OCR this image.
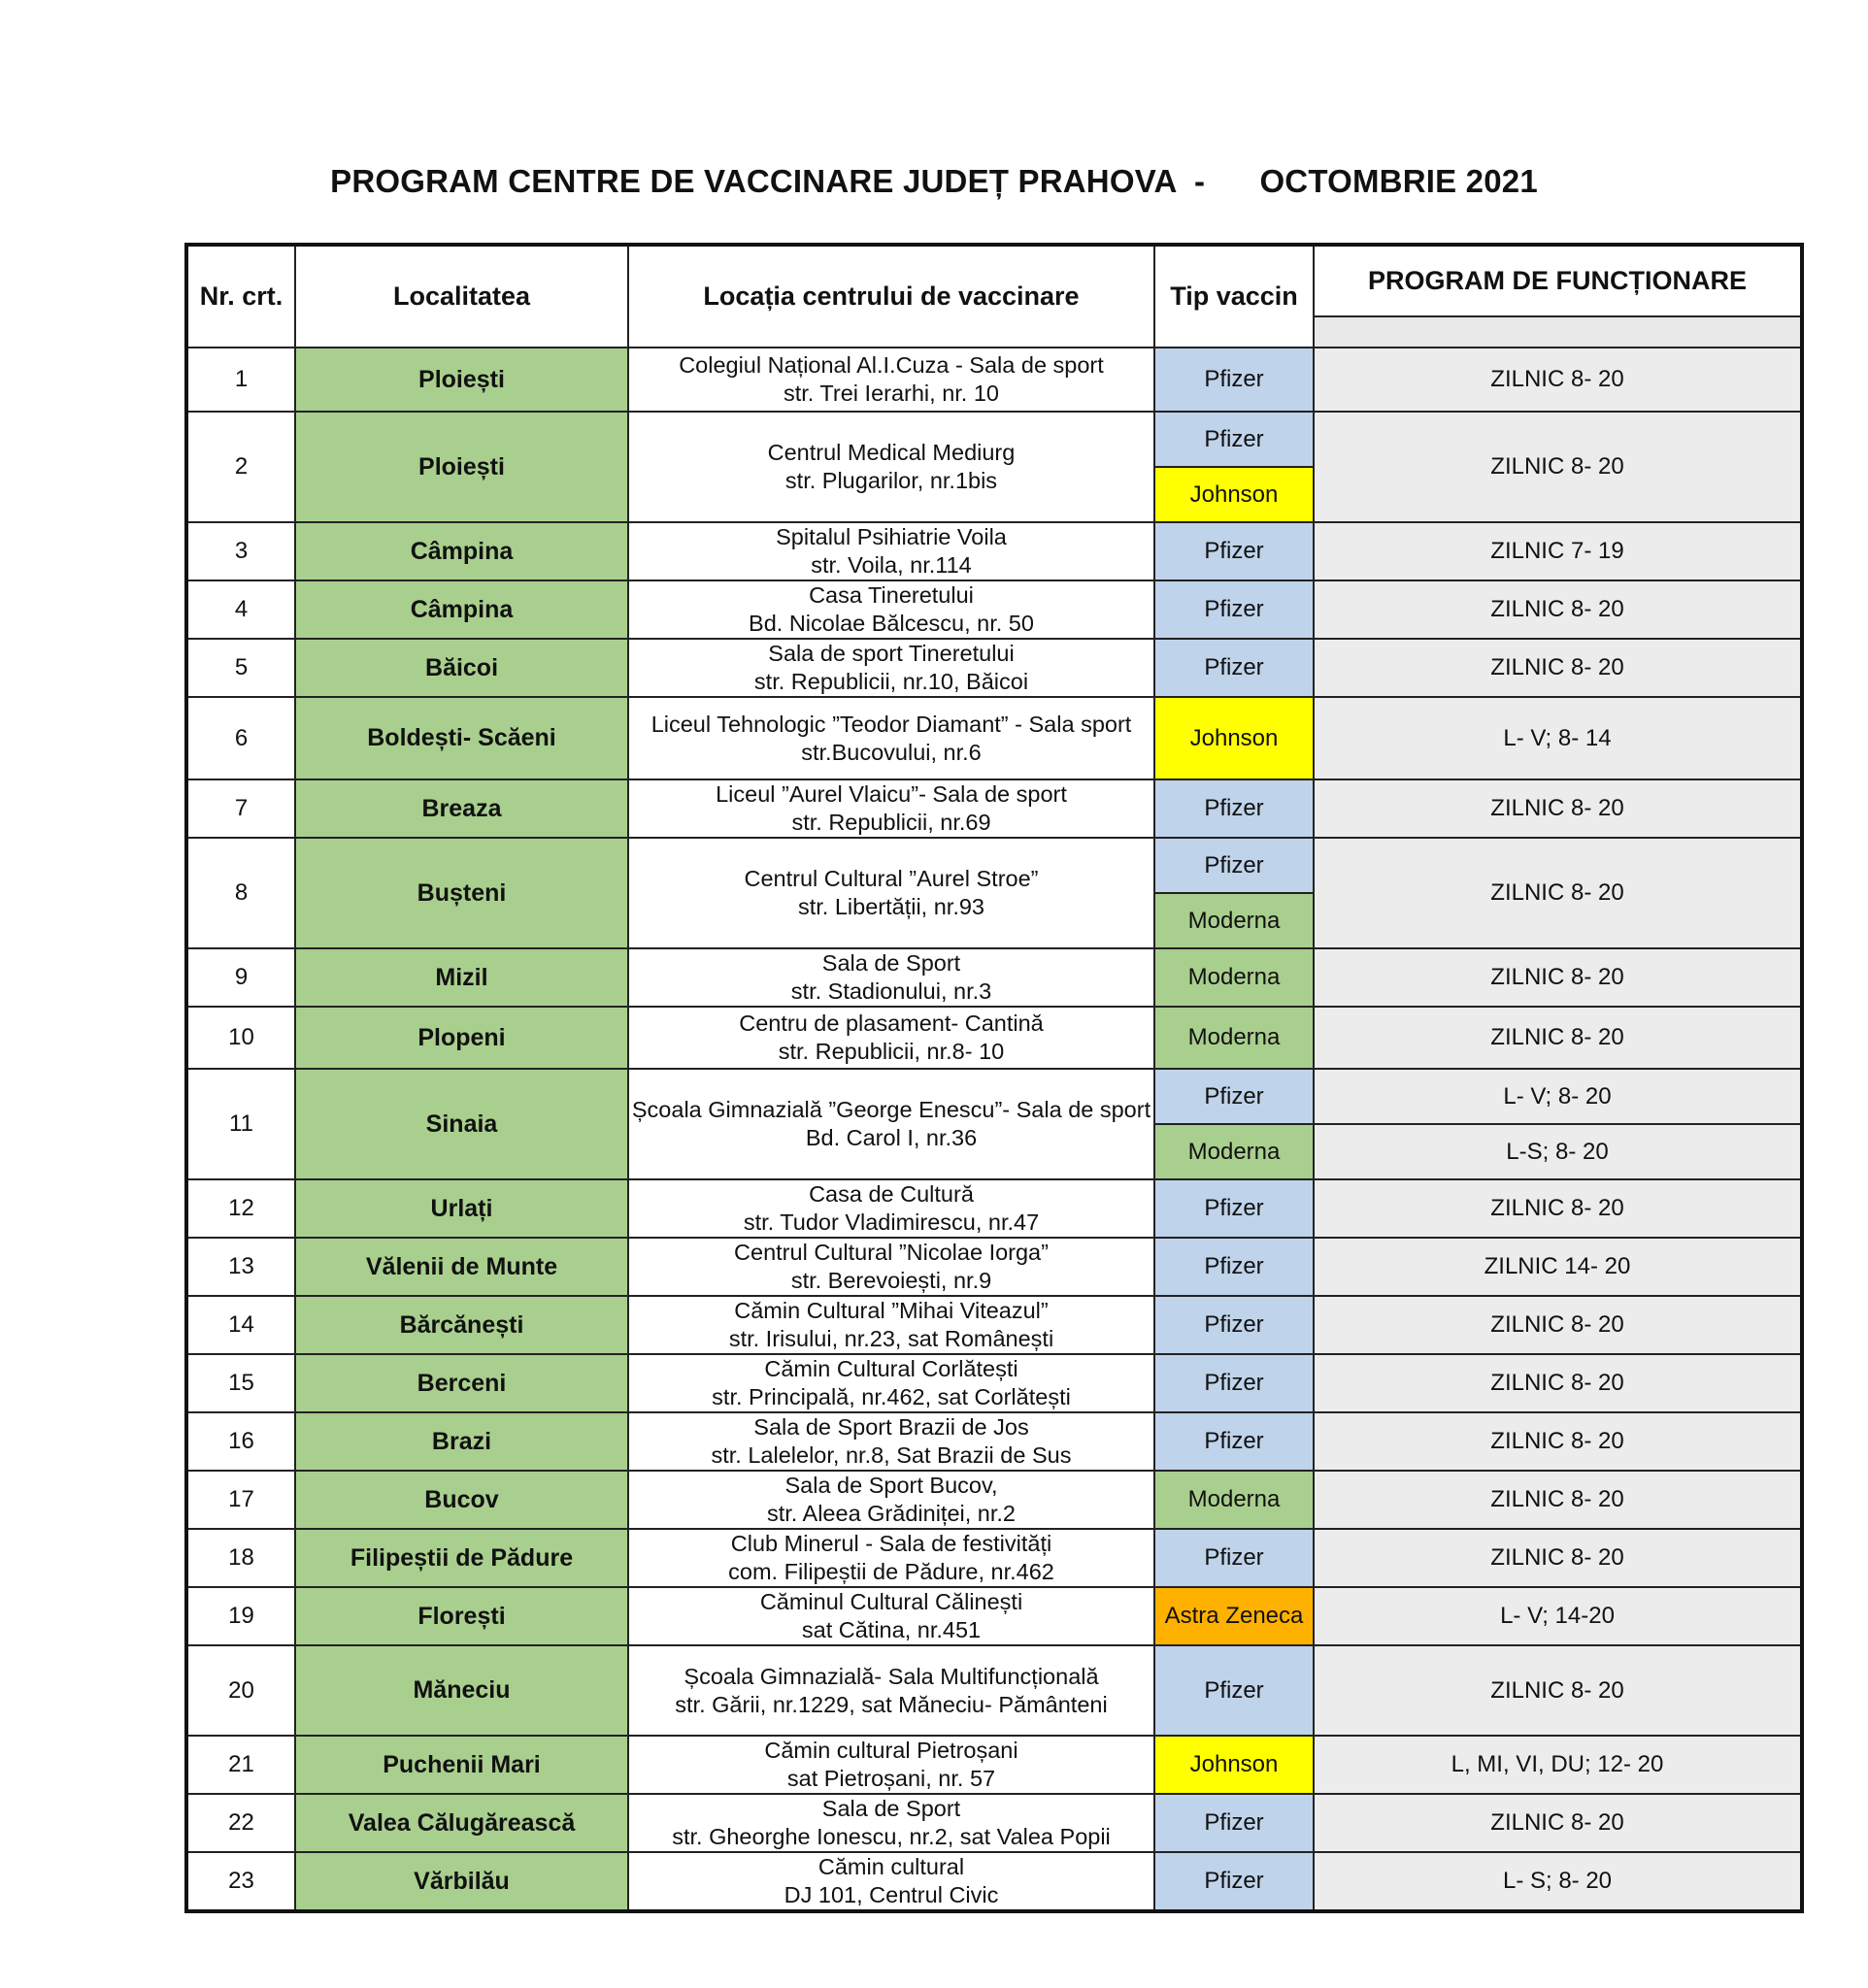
PROGRAM CENTRE DE VACCINARE JUDEȚ PRAHOVA - OCTOMBRIE 2021
Nr. crt.	Localitatea	Locația centrului de vaccinare	Tip vaccin	PROGRAM DE FUNCȚIONARE

1	Ploiești	Colegiul Național Al.I.Cuza - Sala de sport
str. Trei Ierarhi, nr. 10	Pfizer	ZILNIC 8- 20
2	Ploiești	Centrul Medical Mediurg
str. Plugarilor, nr.1bis	Pfizer	ZILNIC 8- 20
			Johnson	
3	Câmpina	Spitalul Psihiatrie Voila
str. Voila, nr.114	Pfizer	ZILNIC 7- 19
4	Câmpina	Casa Tineretului
Bd. Nicolae Bălcescu, nr. 50	Pfizer	ZILNIC 8- 20
5	Băicoi	Sala de sport Tineretului
str. Republicii, nr.10, Băicoi	Pfizer	ZILNIC 8- 20
6	Boldești- Scăeni	Liceul Tehnologic ”Teodor Diamant” - Sala sport
str.Bucovului, nr.6	Johnson	L- V; 8- 14
7	Breaza	Liceul ”Aurel Vlaicu”- Sala de sport
str. Republicii, nr.69	Pfizer	ZILNIC 8- 20
8	Bușteni	Centrul Cultural ”Aurel Stroe”
str. Libertății, nr.93	Pfizer	ZILNIC 8- 20
			Moderna	
9	Mizil	Sala de Sport
str. Stadionului, nr.3	Moderna	ZILNIC 8- 20
10	Plopeni	Centru de plasament- Cantină
str. Republicii, nr.8- 10	Moderna	ZILNIC 8- 20
11	Sinaia	Școala Gimnazială ”George Enescu”- Sala de sport
Bd. Carol I, nr.36	Pfizer	L- V; 8- 20
			Moderna	L-S; 8- 20
12	Urlați	Casa de Cultură
str. Tudor Vladimirescu, nr.47	Pfizer	ZILNIC 8- 20
13	Vălenii de Munte	Centrul Cultural ”Nicolae Iorga”
str. Berevoiești, nr.9	Pfizer	ZILNIC 14- 20
14	Bărcănești	Cămin Cultural ”Mihai Viteazul”
str. Irisului, nr.23, sat Românești	Pfizer	ZILNIC 8- 20
15	Berceni	Cămin Cultural Corlătești
str. Principală, nr.462, sat Corlătești	Pfizer	ZILNIC 8- 20
16	Brazi	Sala de Sport Brazii de Jos
str. Lalelelor, nr.8, Sat Brazii de Sus	Pfizer	ZILNIC 8- 20
17	Bucov	Sala de Sport Bucov,
str. Aleea Grădiniței, nr.2	Moderna	ZILNIC 8- 20
18	Filipeștii de Pădure	Club Minerul - Sala de festivități
com. Filipeștii de Pădure, nr.462	Pfizer	ZILNIC 8- 20
19	Florești	Căminul Cultural Călinești
sat Cătina, nr.451	Astra Zeneca	L- V; 14-20
20	Măneciu	Școala Gimnazială- Sala Multifuncțională
str. Gării, nr.1229, sat Măneciu- Pământeni	Pfizer	ZILNIC 8- 20
21	Puchenii Mari	Cămin cultural Pietroșani
sat Pietroșani, nr. 57	Johnson	L, MI, VI, DU; 12- 20
22	Valea Călugărească	Sala de Sport
str. Gheorghe Ionescu, nr.2, sat Valea Popii	Pfizer	ZILNIC 8- 20
23	Vărbilău	Cămin cultural
DJ 101, Centrul Civic	Pfizer	L- S; 8- 20
